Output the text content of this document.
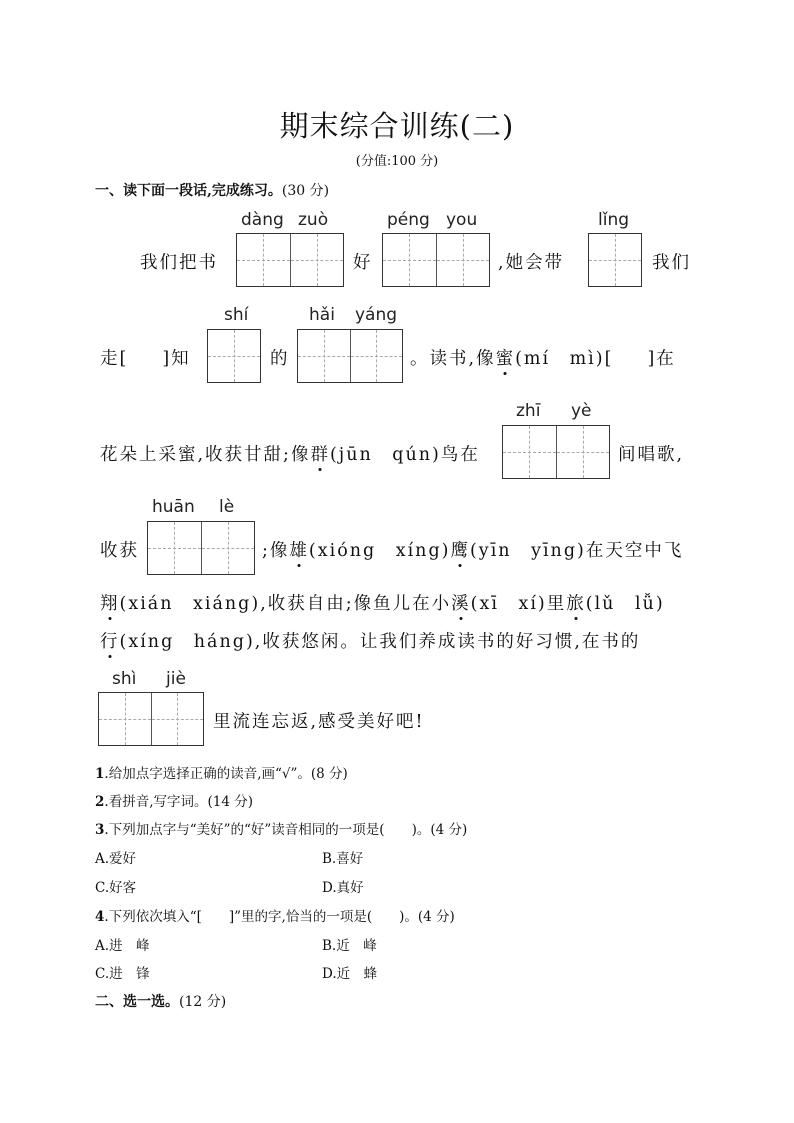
期末综合训练(二)
(分值:100 分)
一、读下面一段话,完成练习。(30 分)
dàng zuò	péng you	lǐng
我们把书	好	,她会带	我们
shí	hǎi yáng
走[ ]知	的	。读书,像蜜(mí　mì)[ ]在
zhī yè
花朵上采蜜,收获甘甜;像群(jūn　qún)鸟在	间唱歌,
huān lè
收获	;像雄(xióng　xíng)鹰(yīn　yīng)在天空中飞
翔(xián　xiáng),收获自由;像鱼儿在小溪(xī　xí)里旅(lǔ　lǚ)
行(xíng　háng),收获悠闲。让我们养成读书的好习惯,在书的
shì jiè
里流连忘返,感受美好吧!
1.给加点字选择正确的读音,画“√”。(8 分)
2.看拼音,写字词。(14 分)
3.下列加点字与“美好”的“好”读音相同的一项是(　　)。(4 分)
A.爱好	B.喜好
C.好客	D.真好
4.下列依次填入“[　　]”里的字,恰当的一项是(　　)。(4 分)
A.进　峰	B.近　峰
C.进　锋	D.近　蜂
二、选一选。(12 分)
